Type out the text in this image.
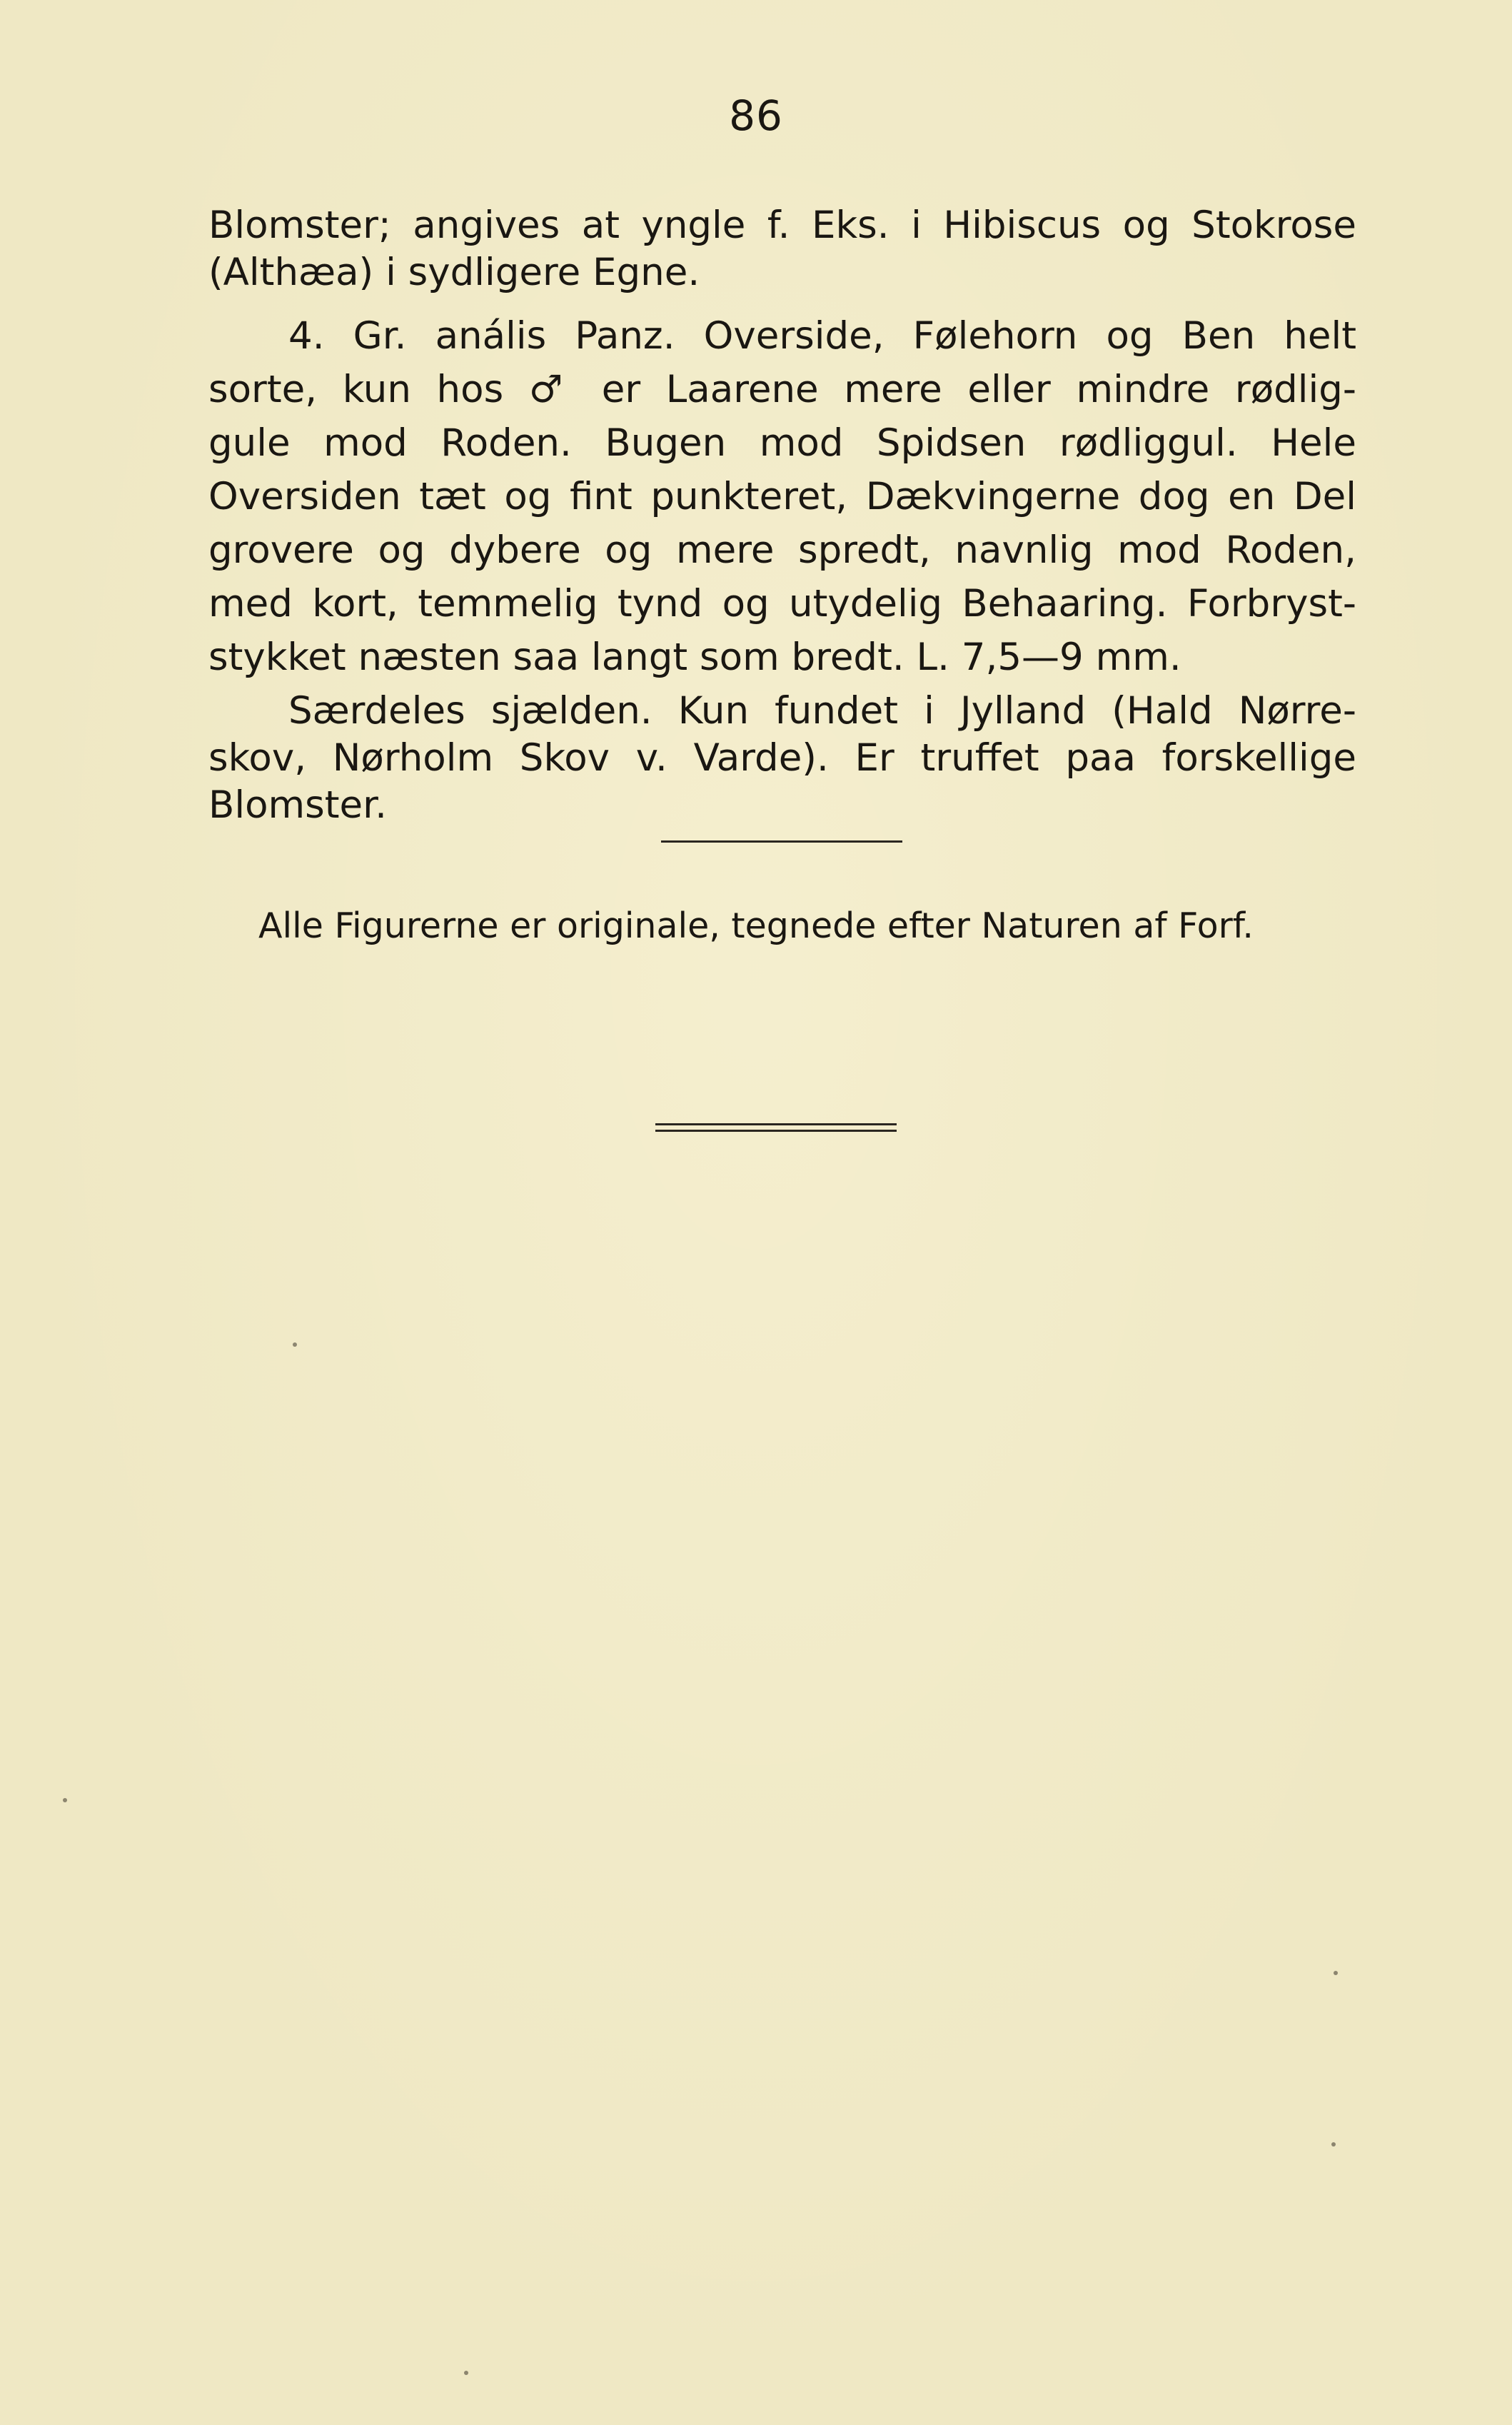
86
Blomster; angives at yngle f. Eks. i Hibiscus og Stokrose
(Althæa) i sydligere Egne.
4. Gr. anális Panz. Overside, Følehorn og Ben helt
sorte, kun hos ♂ er Laarene mere eller mindre rødlig-
gule mod Roden. Bugen mod Spidsen rødliggul. Hele
Oversiden tæt og fint punkteret, Dækvingerne dog en Del
grovere og dybere og mere spredt, navnlig mod Roden,
med kort, temmelig tynd og utydelig Behaaring. Forbryst-
stykket næsten saa langt som bredt. L. 7,5—9 mm.
Særdeles sjælden. Kun fundet i Jylland (Hald Nørre-
skov, Nørholm Skov v. Varde). Er truffet paa forskellige
Blomster.
Alle Figurerne er originale, tegnede efter Naturen af Forf.
